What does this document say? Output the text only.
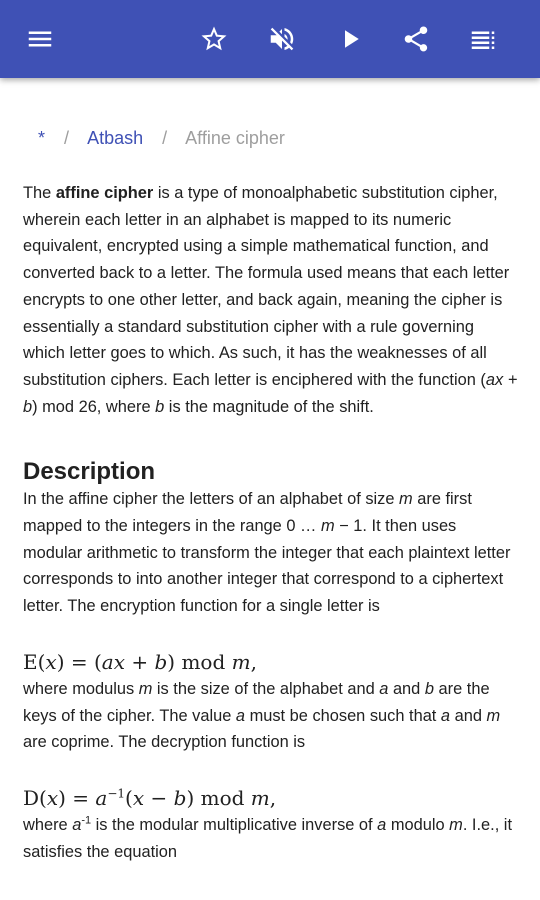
* / Atbash / Affine cipher

The affine cipher is a type of monoalphabetic substitution cipher, wherein each letter in an alphabet is mapped to its numeric equivalent, encrypted using a simple mathematical function, and converted back to a letter. The formula used means that each letter encrypts to one other letter, and back again, meaning the cipher is essentially a standard substitution cipher with a rule governing which letter goes to which. As such, it has the weaknesses of all substitution ciphers. Each letter is enciphered with the function (ax + b) mod 26, where b is the magnitude of the shift.

Description

In the affine cipher the letters of an alphabet of size m are first mapped to the integers in the range 0 … m − 1. It then uses modular arithmetic to transform the integer that each plaintext letter corresponds to into another integer that correspond to a ciphertext letter. The encryption function for a single letter is

E(x) = (ax + b) mod m,

where modulus m is the size of the alphabet and a and b are the keys of the cipher. The value a must be chosen such that a and m are coprime. The decryption function is

$D(x) = a^{-1}(x - b)$ mod m,

where $a^{-1}$ is the modular multiplicative inverse of a modulo m. I.e., it satisfies the equation
